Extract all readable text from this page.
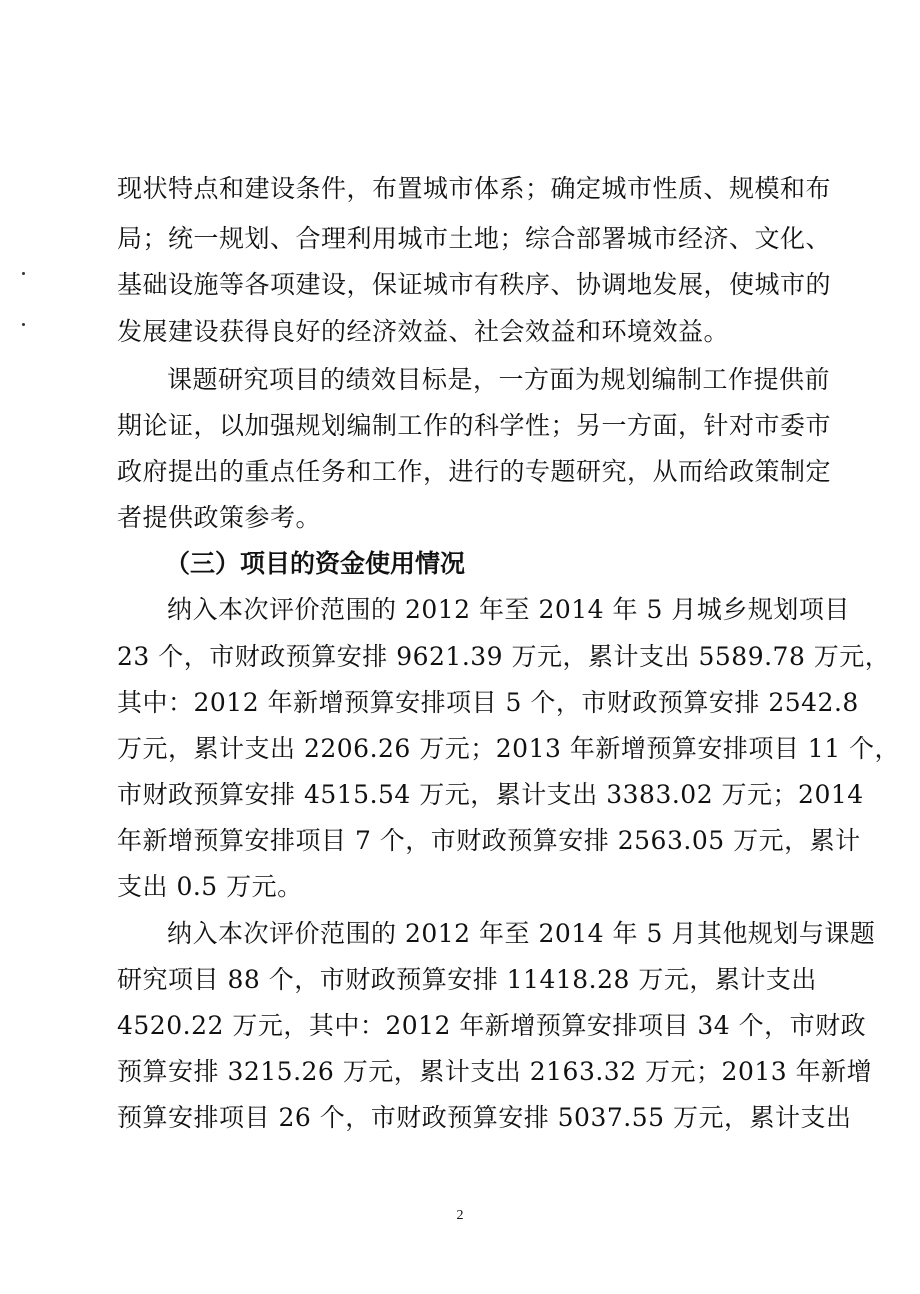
现状特点和建设条件，布置城市体系；确定城市性质、规模和布
局；统一规划、合理利用城市土地；综合部署城市经济、文化、
基础设施等各项建设，保证城市有秩序、协调地发展，使城市的
发展建设获得良好的经济效益、社会效益和环境效益。
课题研究项目的绩效目标是，一方面为规划编制工作提供前
期论证，以加强规划编制工作的科学性；另一方面，针对市委市
政府提出的重点任务和工作，进行的专题研究，从而给政策制定
者提供政策参考。
（三）项目的资金使用情况
纳入本次评价范围的 2012 年至 2014 年 5 月城乡规划项目
23 个，市财政预算安排 9621.39 万元，累计支出 5589.78 万元，
其中：2012 年新增预算安排项目 5 个，市财政预算安排 2542.8
万元，累计支出 2206.26 万元；2013 年新增预算安排项目 11 个，
市财政预算安排 4515.54 万元，累计支出 3383.02 万元；2014
年新增预算安排项目 7 个，市财政预算安排 2563.05 万元，累计
支出 0.5 万元。
纳入本次评价范围的 2012 年至 2014 年 5 月其他规划与课题
研究项目 88 个，市财政预算安排 11418.28 万元，累计支出
4520.22 万元，其中：2012 年新增预算安排项目 34 个，市财政
预算安排 3215.26 万元，累计支出 2163.32 万元；2013 年新增
预算安排项目 26 个，市财政预算安排 5037.55 万元，累计支出
2
